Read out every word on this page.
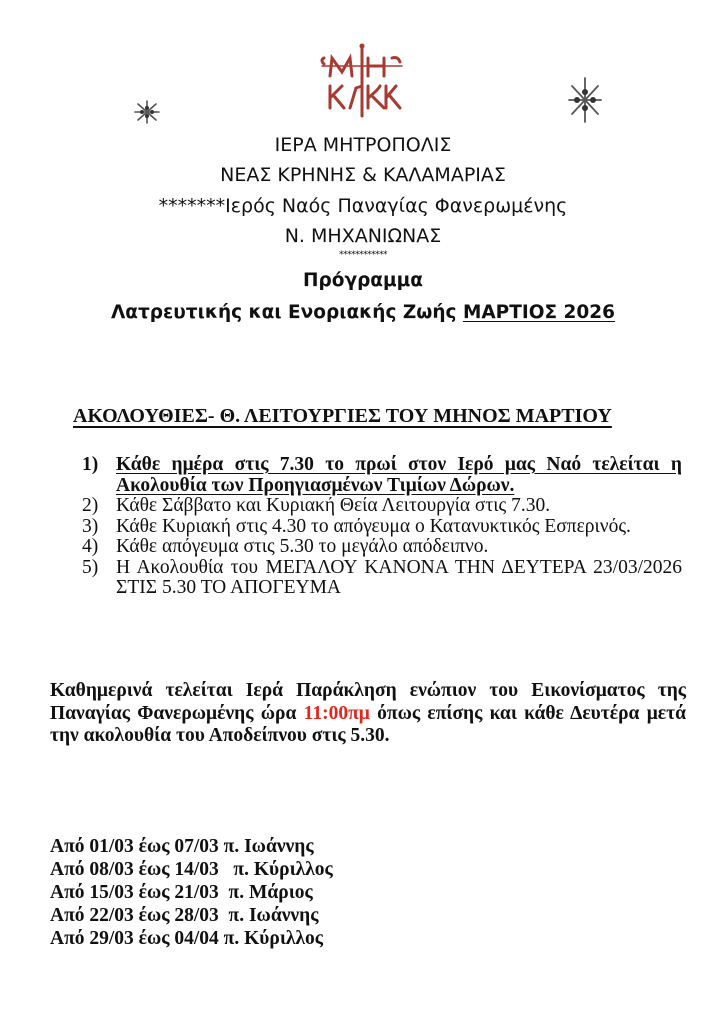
ΙΕΡΑ ΜΗΤΡΟΠΟΛΙΣ
ΝΕΑΣ ΚΡΗΝΗΣ & ΚΑΛΑΜΑΡΙΑΣ
*******Ιερός Ναός Παναγίας Φανερωμένης
Ν. ΜΗΧΑΝΙΩΝΑΣ
************
Πρόγραμμα
Λατρευτικής και Ενοριακής Ζωής ΜΑΡΤΙΟΣ 2026
ΑΚΟΛΟΥΘΙΕΣ- Θ. ΛΕΙΤΟΥΡΓΙΕΣ ΤΟΥ ΜΗΝΟΣ ΜΑΡΤΙΟΥ
1) Κάθε ημέρα στις 7.30 το πρωί στον Ιερό μας Ναό τελείται η Ακολουθία των Προηγιασμένων Τιμίων Δώρων.
2) Κάθε Σάββατο και Κυριακή Θεία Λειτουργία στις 7.30.
3) Κάθε Κυριακή στις 4.30 το απόγευμα ο Κατανυκτικός Εσπερινός.
4) Κάθε απόγευμα στις 5.30 το μεγάλο απόδειπνο.
5) Η Ακολουθία του ΜΕΓΑΛΟΥ ΚΑΝΟΝΑ ΤΗΝ ΔΕΥΤΕΡΑ 23/03/2026 ΣΤΙΣ 5.30 ΤΟ ΑΠΟΓΕΥΜΑ
Καθημερινά τελείται Ιερά Παράκληση ενώπιον του Εικονίσματος της Παναγίας Φανερωμένης ώρα 11:00πμ όπως επίσης και κάθε Δευτέρα μετά την ακολουθία του Αποδείπνου στις 5.30.
Από 01/03 έως 07/03 π. Ιωάννης
Από 08/03 έως 14/03   π. Κύριλλος
Από 15/03 έως 21/03  π. Μάριος
Από 22/03 έως 28/03  π. Ιωάννης
Από 29/03 έως 04/04 π. Κύριλλος
